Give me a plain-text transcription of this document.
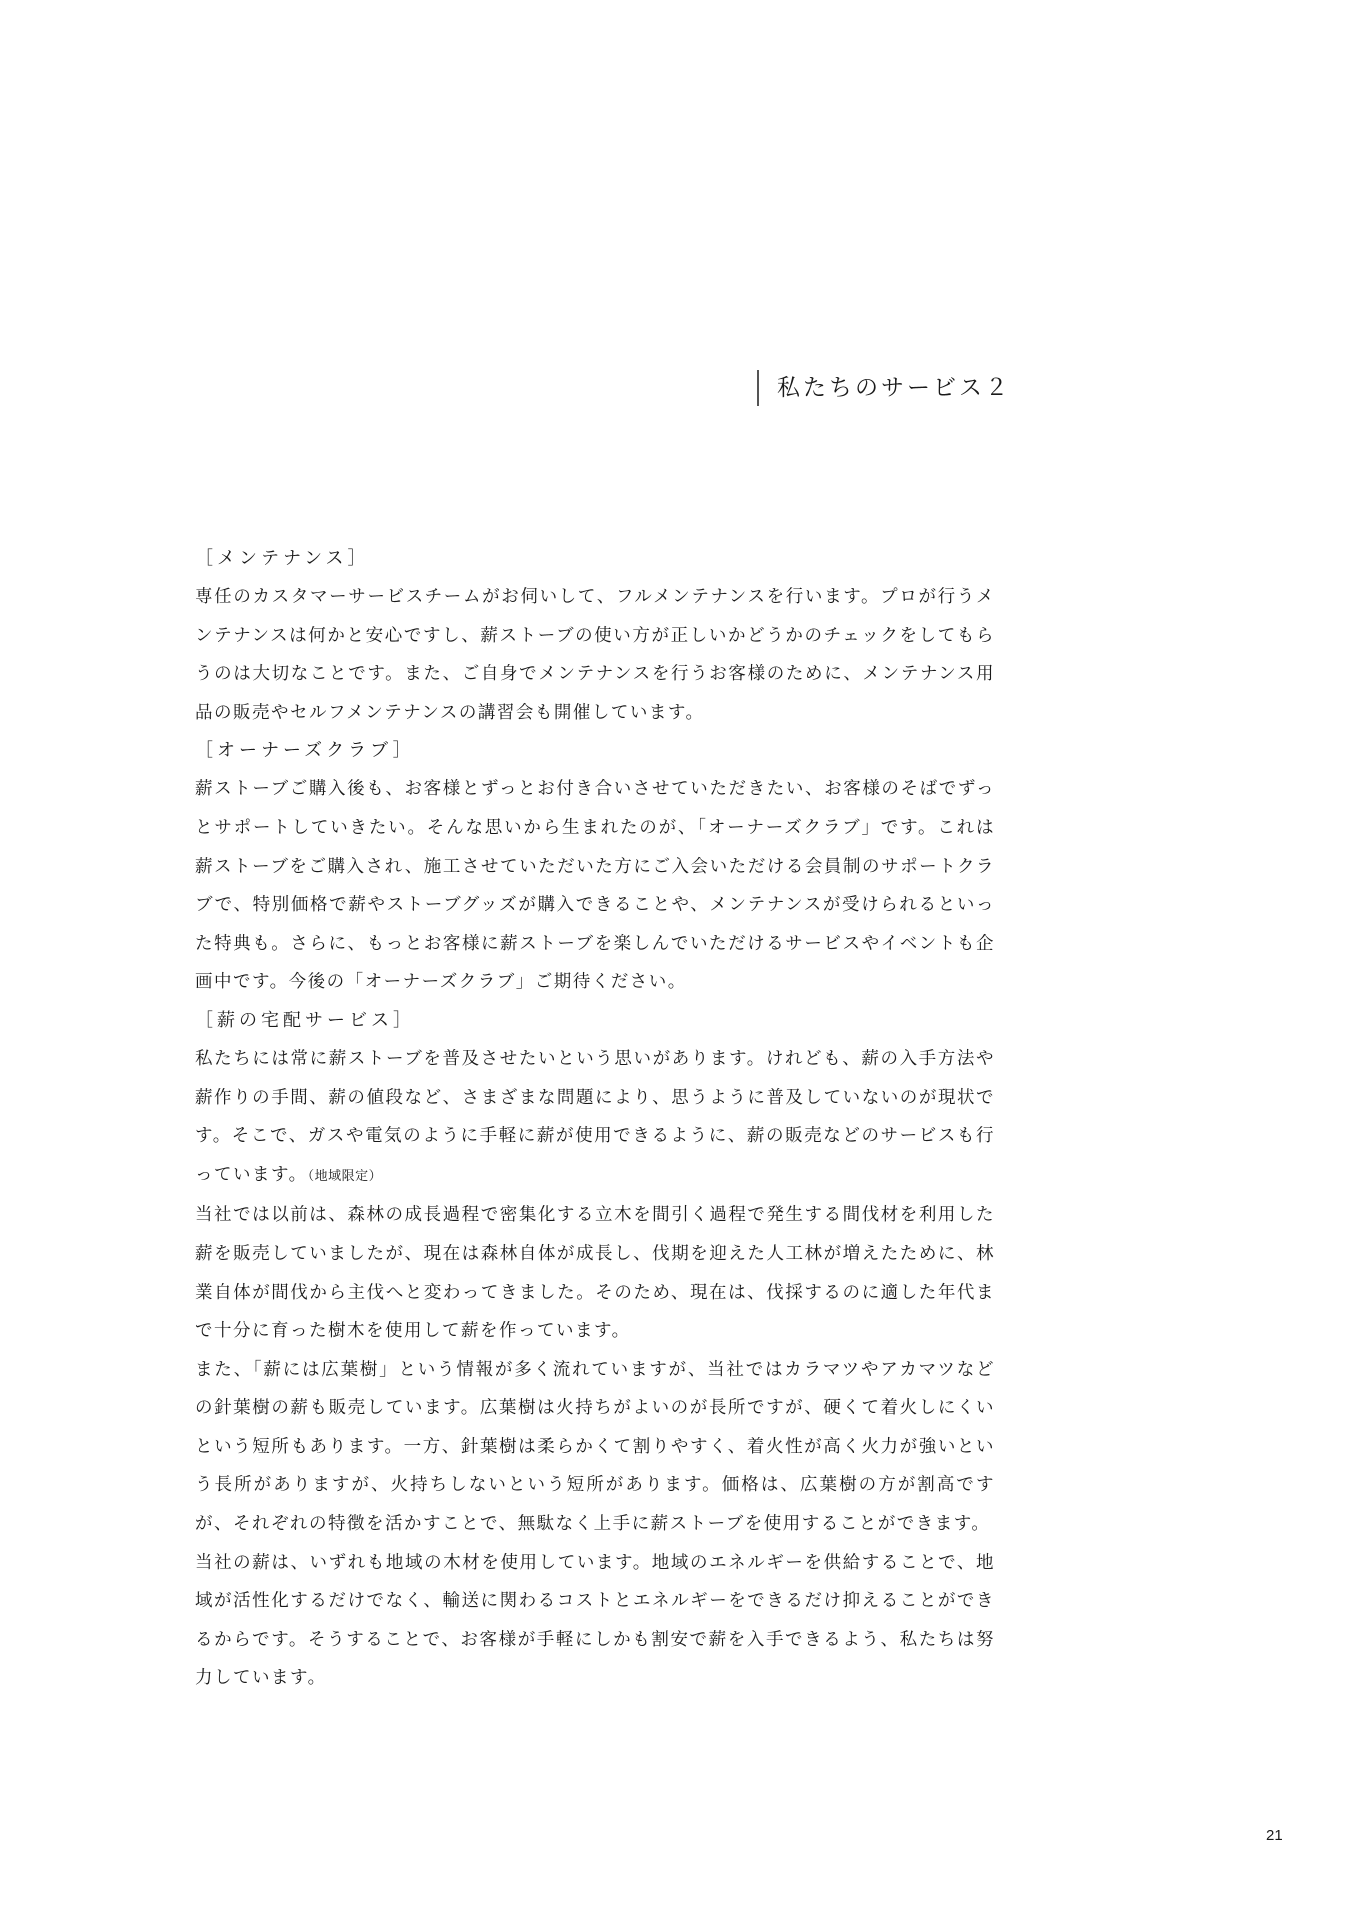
私たちのサービス２
［メンテナンス］

専任のカスタマーサービスチームがお伺いして、フルメンテナンスを行います。プロが行うメンテナンスは何かと安心ですし、薪ストーブの使い方が正しいかどうかのチェックをしてもらうのは大切なことです。また、ご自身でメンテナンスを行うお客様のために、メンテナンス用品の販売やセルフメンテナンスの講習会も開催しています。

［オーナーズクラブ］

薪ストーブご購入後も、お客様とずっとお付き合いさせていただきたい、お客様のそばでずっとサポートしていきたい。そんな思いから生まれたのが、「オーナーズクラブ」です。これは薪ストーブをご購入され、施工させていただいた方にご入会いただける会員制のサポートクラブで、特別価格で薪やストーブグッズが購入できることや、メンテナンスが受けられるといった特典も。さらに、もっとお客様に薪ストーブを楽しんでいただけるサービスやイベントも企画中です。今後の「オーナーズクラブ」ご期待ください。

［薪の宅配サービス］

私たちには常に薪ストーブを普及させたいという思いがあります。けれども、薪の入手方法や薪作りの手間、薪の値段など、さまざまな問題により、思うように普及していないのが現状です。そこで、ガスや電気のように手軽に薪が使用できるように、薪の販売などのサービスも行っています。（地域限定）

当社では以前は、森林の成長過程で密集化する立木を間引く過程で発生する間伐材を利用した薪を販売していましたが、現在は森林自体が成長し、伐期を迎えた人工林が増えたために、林業自体が間伐から主伐へと変わってきました。そのため、現在は、伐採するのに適した年代まで十分に育った樹木を使用して薪を作っています。

また、「薪には広葉樹」という情報が多く流れていますが、当社ではカラマツやアカマツなどの針葉樹の薪も販売しています。広葉樹は火持ちがよいのが長所ですが、硬くて着火しにくいという短所もあります。一方、針葉樹は柔らかくて割りやすく、着火性が高く火力が強いという長所がありますが、火持ちしないという短所があります。価格は、広葉樹の方が割高ですが、それぞれの特徴を活かすことで、無駄なく上手に薪ストーブを使用することができます。

当社の薪は、いずれも地域の木材を使用しています。地域のエネルギーを供給することで、地域が活性化するだけでなく、輸送に関わるコストとエネルギーをできるだけ抑えることができるからです。そうすることで、お客様が手軽にしかも割安で薪を入手できるよう、私たちは努力しています。

21
